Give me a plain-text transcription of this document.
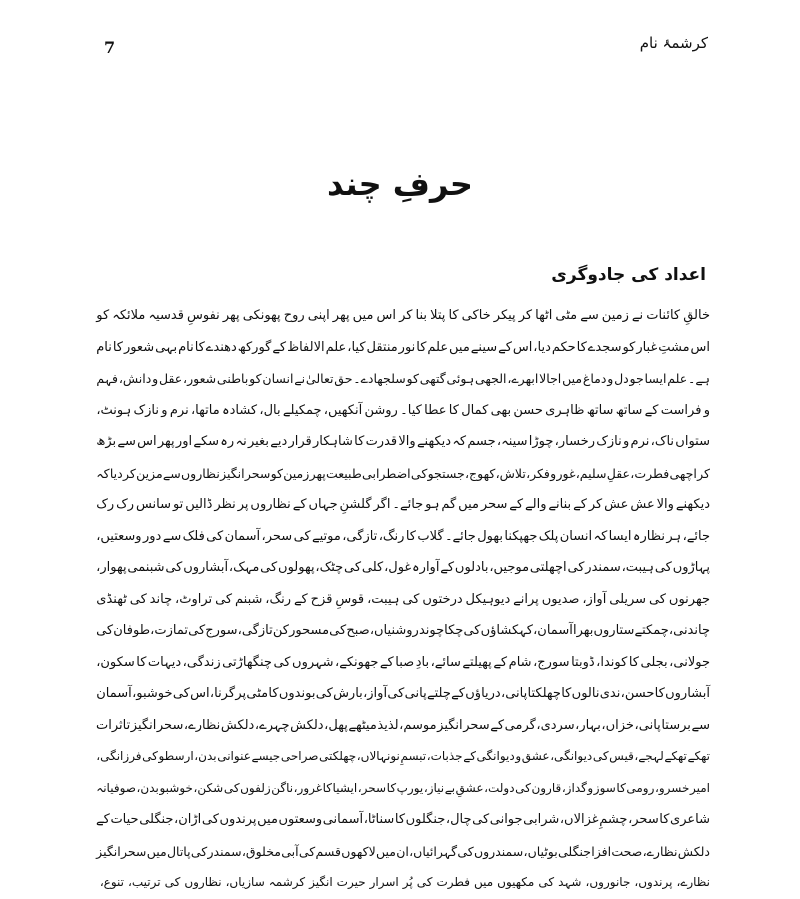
7	کرشمۂ نام
حرفِ چند
اعداد کی جادوگری
خالقِ
کائنات
نے
زمین
سے
مٹی
اٹھا
کر
پیکر
خاکی
کا
پتلا
بنا
کر
اس
میں
پھر
اپنی
روح
پھونکی
پھر
نفوسِ
قدسیہ
ملائکہ
کو
اس
مشتِ
غبار
کو
سجدے
کا
حکم
دیا،
اس
کے
سینے
میں
علم
کا
نور
منتقل
کیا،
علم
الالفاظ
کے
گورکھ
دھندے
کا
نام
بہی
شعور
کا
نام
ہے۔
علم
ایسا
جو
دل
و
دماغ
میں
اجالا
ابھرے،
الجھی
ہوئی
گتھی
کو
سلجھادے۔
حق
تعالیٰ
نے
انسان
کو
باطنی
شعور،
عقل
و
دانش،
فہم
و
فراست
کے
ساتھ
ساتھ
ظاہری
حسن
بھی
کمال
کا
عطا
کیا۔
روشن
آنکھیں،
چمکیلے
بال،
کشادہ
ماتھا،
نرم
و
نازک
ہونٹ،
ستواں
ناک،
نرم
و
نازک
رخسار،
چوڑا
سینہ،
جسم
کہ
دیکھنے
والا
قدرت
کا
شاہکار
قرار
دیے
بغیر
نہ
رہ
سکے
اور
پھر
اس
سے
بڑھ
کر
اچھی
فطرت،
عقلِ
سلیم،
غور
و
فکر،
تلاش،
کھوج،
جستجو
کی
اضطرابی
طبیعت
پھر
زمین
کو
سحر
انگیز
نظاروں
سے
مزین
کر
دیا
کہ
دیکھنے
والا
عش
عش
کر
کے
بنانے
والے
کے
سحر
میں
گم
ہو
جائے۔
اگر
گلشنِ
جہاں
کے
نظاروں
پر
نظر
ڈالیں
تو
سانس
رک
رک
جائے،
ہر
نظارہ
ایسا
کہ
انسان
پلک
جھپکنا
بھول
جائے۔
گلاب
کا
رنگ،
تازگی،
موتیے
کی
سحر،
آسمان
کی
فلک
سے
دور
وسعتیں،
پہاڑوں
کی
ہیبت،
سمندر
کی
اچھلتی
موجیں،
بادلوں
کے
آوارہ
غول،
کلی
کی
چٹک،
پھولوں
کی
مہک،
آبشاروں
کی
شبنمی
پھوار،
جھرنوں
کی
سریلی
آواز،
صدیوں
پرانے
دیوہیکل
درختوں
کی
ہیبت،
قوسِ
قزح
کے
رنگ،
شبنم
کی
تراوٹ،
چاند
کی
ٹھنڈی
چاندنی،
چمکتے
ستاروں
بھرا
آسمان،
کہکشاؤں
کی
چکاچوند
روشنیاں،
صبح
کی
مسحور
کن
تازگی،
سورج
کی
تمازت،
طوفان
کی
جولانی،
بجلی
کا
کوندا،
ڈوبتا
سورج،
شام
کے
پھیلتے
سائے،
بادِ
صبا
کے
جھونکے،
شہروں
کی
چنگھاڑتی
زندگی،
دیہات
کا
سکون،
آبشاروں
کا
حسن،
ندی
نالوں
کا
چھلکتا
پانی،
دریاؤں
کے
چلتے
پانی
کی
آواز،
بارش
کی
بوندوں
کا
مٹی
پر
گرنا،
اس
کی
خوشبو،
آسمان
سے
برستا
پانی،
خزاں،
بہار،
سردی،
گرمی
کے
سحر
انگیز
موسم،
لذیذ
میٹھے
پھل،
دلکش
چہرے،
دلکش
نظارے،
سحر
انگیز
تاثرات
تھکے
تھکے
لہجے،
قیس
کی
دیوانگی،
عشق
و
دیوانگی
کے
جذبات،
تبسمِ
نونہالاں،
چھلکتی
صراحی
جیسے
عنوانی
بدن،
ارسطو
کی
فرزانگی،
امیر
خسرو،
رومی
کا
سوز
و
گداز،
قارون
کی
دولت،
عشقِ
بے
نیاز،
یورپ
کا
سحر،
ایشیا
کا
غرور،
ناگن
زلفوں
کی
شکن،
خوشبو
بدن،
صوفیانہ
شاعری
کا
سحر،
چشمِ
غزالاں،
شرابی
جوانی
کی
چال،
جنگلوں
کا
سناٹا،
آسمانی
وسعتوں
میں
پرندوں
کی
اڑان،
جنگلی
حیات
کے
دلکش
نظارے،
صحت
افزا
جنگلی
بوٹیاں،
سمندروں
کی
گہرائیاں،
ان
میں
لاکھوں
قسم
کی
آبی
مخلوق،
سمندر
کی
پاتال
میں
سحر
انگیز
نظارے،
پرندوں،
جانوروں،
شہد
کی
مکھیوں
میں
فطرت
کی
پُر
اسرار
حیرت
انگیز
کرشمہ
سازیاں،
نظاروں
کی
ترتیب،
تنوع،
